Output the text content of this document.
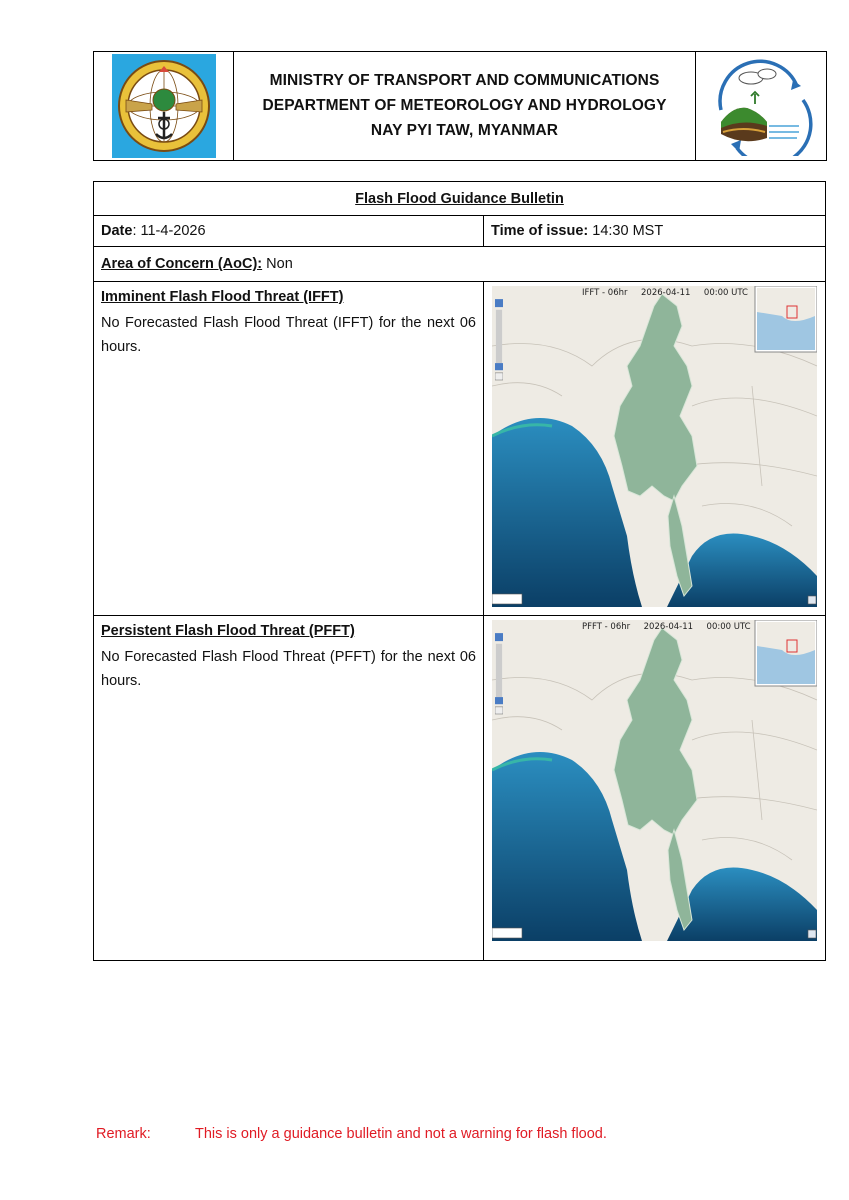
MINISTRY OF TRANSPORT AND COMMUNICATIONS
DEPARTMENT OF METEOROLOGY AND HYDROLOGY
NAY PYI TAW, MYANMAR
Flash Flood Guidance Bulletin
Date : 11-4-2026	Time of issue: 14:30 MST
Area of Concern (AoC): Non
Imminent Flash Flood Threat (IFFT)
No Forecasted Flash Flood Threat (IFFT) for the next 06 hours.
IFFT - 06hr     2026-04-11     00:00 UTC
Persistent Flash Flood Threat (PFFT)
No Forecasted Flash Flood Threat (PFFT) for the next 06 hours.
PFFT - 06hr     2026-04-11     00:00 UTC
Remark:	This is only a guidance bulletin and not a warning for flash flood.
